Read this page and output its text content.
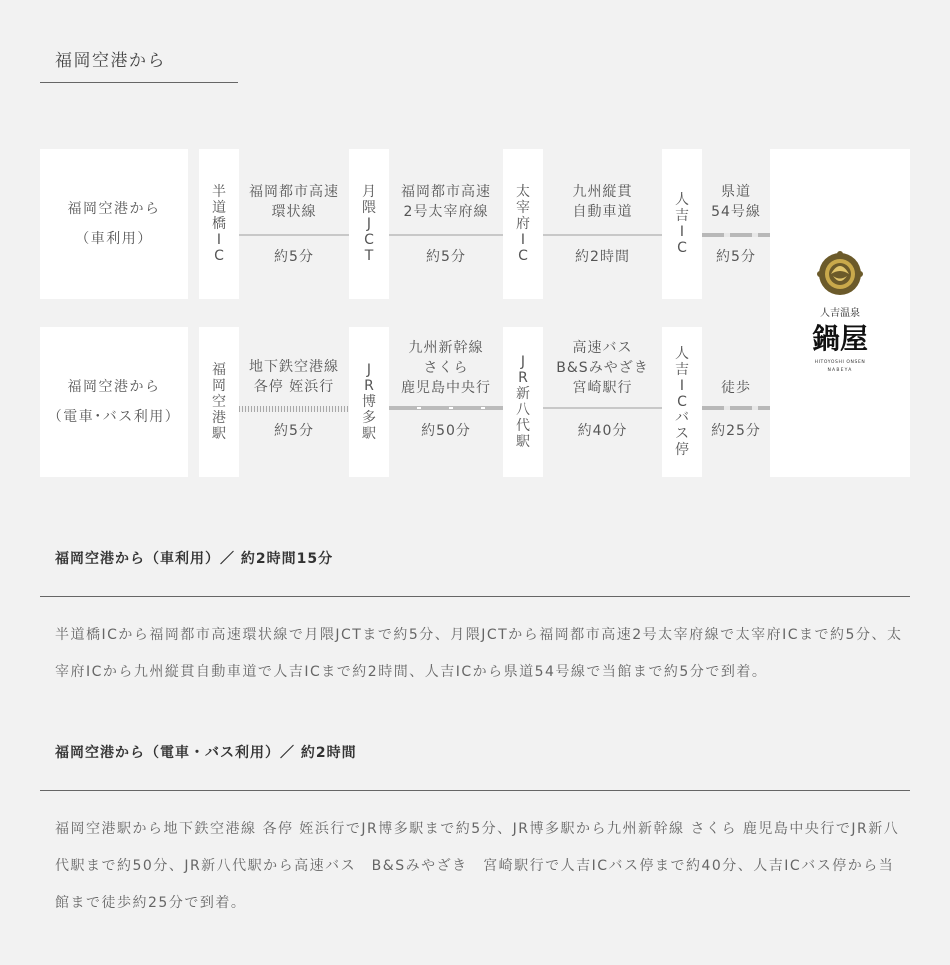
福岡空港から
福岡空港から
（車利用）
半
道
橋
I
C
福岡都市高速
環状線
約5分
月
隈
J
C
T
福岡都市高速
2号太宰府線
約5分
太
宰
府
I
C
九州縦貫
自動車道
約2時間
人
吉
I
C
県道
54号線
約5分
福岡空港から
（電車･バス利用）
福
岡
空
港
駅
地下鉄空港線
各停 姪浜行
約5分
J
R
博
多
駅
九州新幹線
さくら
鹿児島中央行
約50分
J
R
新
八
代
駅
高速バス
B&Sみやざき
宮崎駅行
約40分
人
吉
I
C
バ
ス
停
徒歩
約25分
人吉温泉
鍋屋
HITOYOSHI ONSEN
NABEYA
福岡空港から（車利用）／ 約2時間15分
半道橋ICから福岡都市高速環状線で月隈JCTまで約5分、月隈JCTから福岡都市高速2号太宰府線で太宰府ICまで約5分、太宰府ICから九州縦貫自動車道で人吉ICまで約2時間、人吉ICから県道54号線で当館まで約5分で到着。
福岡空港から（電車・バス利用）／ 約2時間
福岡空港駅から地下鉄空港線 各停 姪浜行でJR博多駅まで約5分、JR博多駅から九州新幹線 さくら 鹿児島中央行でJR新八代駅まで約50分、JR新八代駅から高速バス　B&Sみやざき　宮崎駅行で人吉ICバス停まで約40分、人吉ICバス停から当館まで徒歩約25分で到着。
